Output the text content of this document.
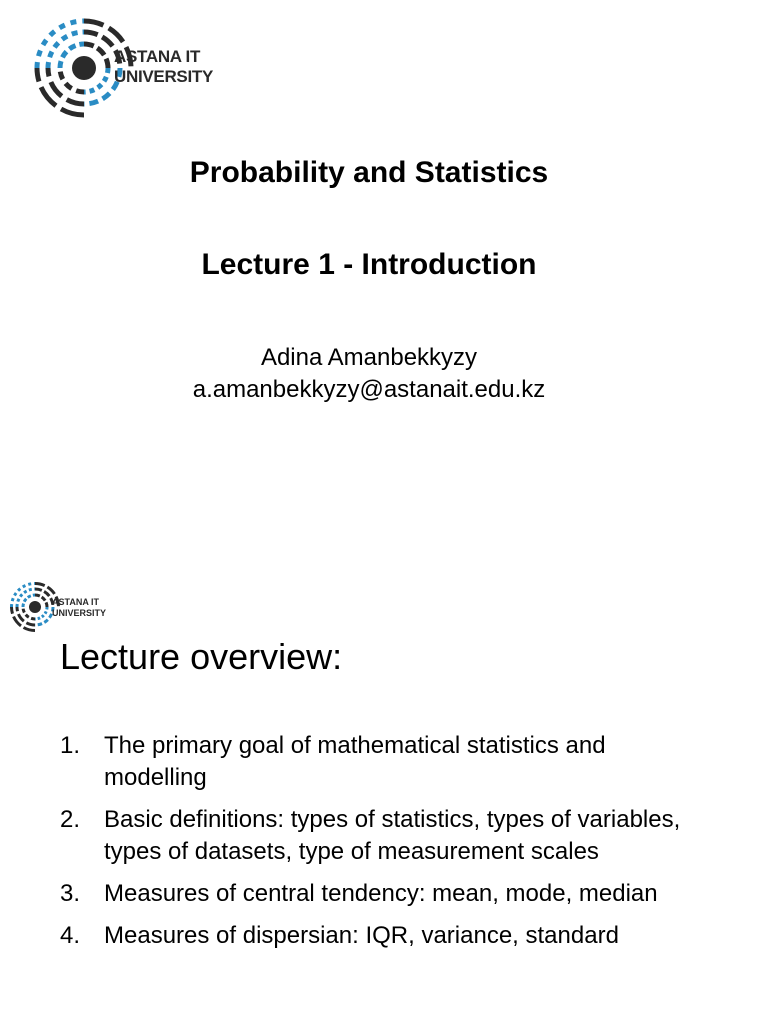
ASTANA IT
UNIVERSITY
Probability and Statistics
Lecture 1 - Introduction
Adina Amanbekkyzy
a.amanbekkyzy@astanait.edu.kz
ASTANA IT
UNIVERSITY
Lecture overview:
1. The primary goal of mathematical statistics and modelling
2. Basic definitions: types of statistics, types of variables, types of datasets, type of measurement scales
3. Measures of central tendency: mean, mode, median
4. Measures of dispersian: IQR, variance, standard
